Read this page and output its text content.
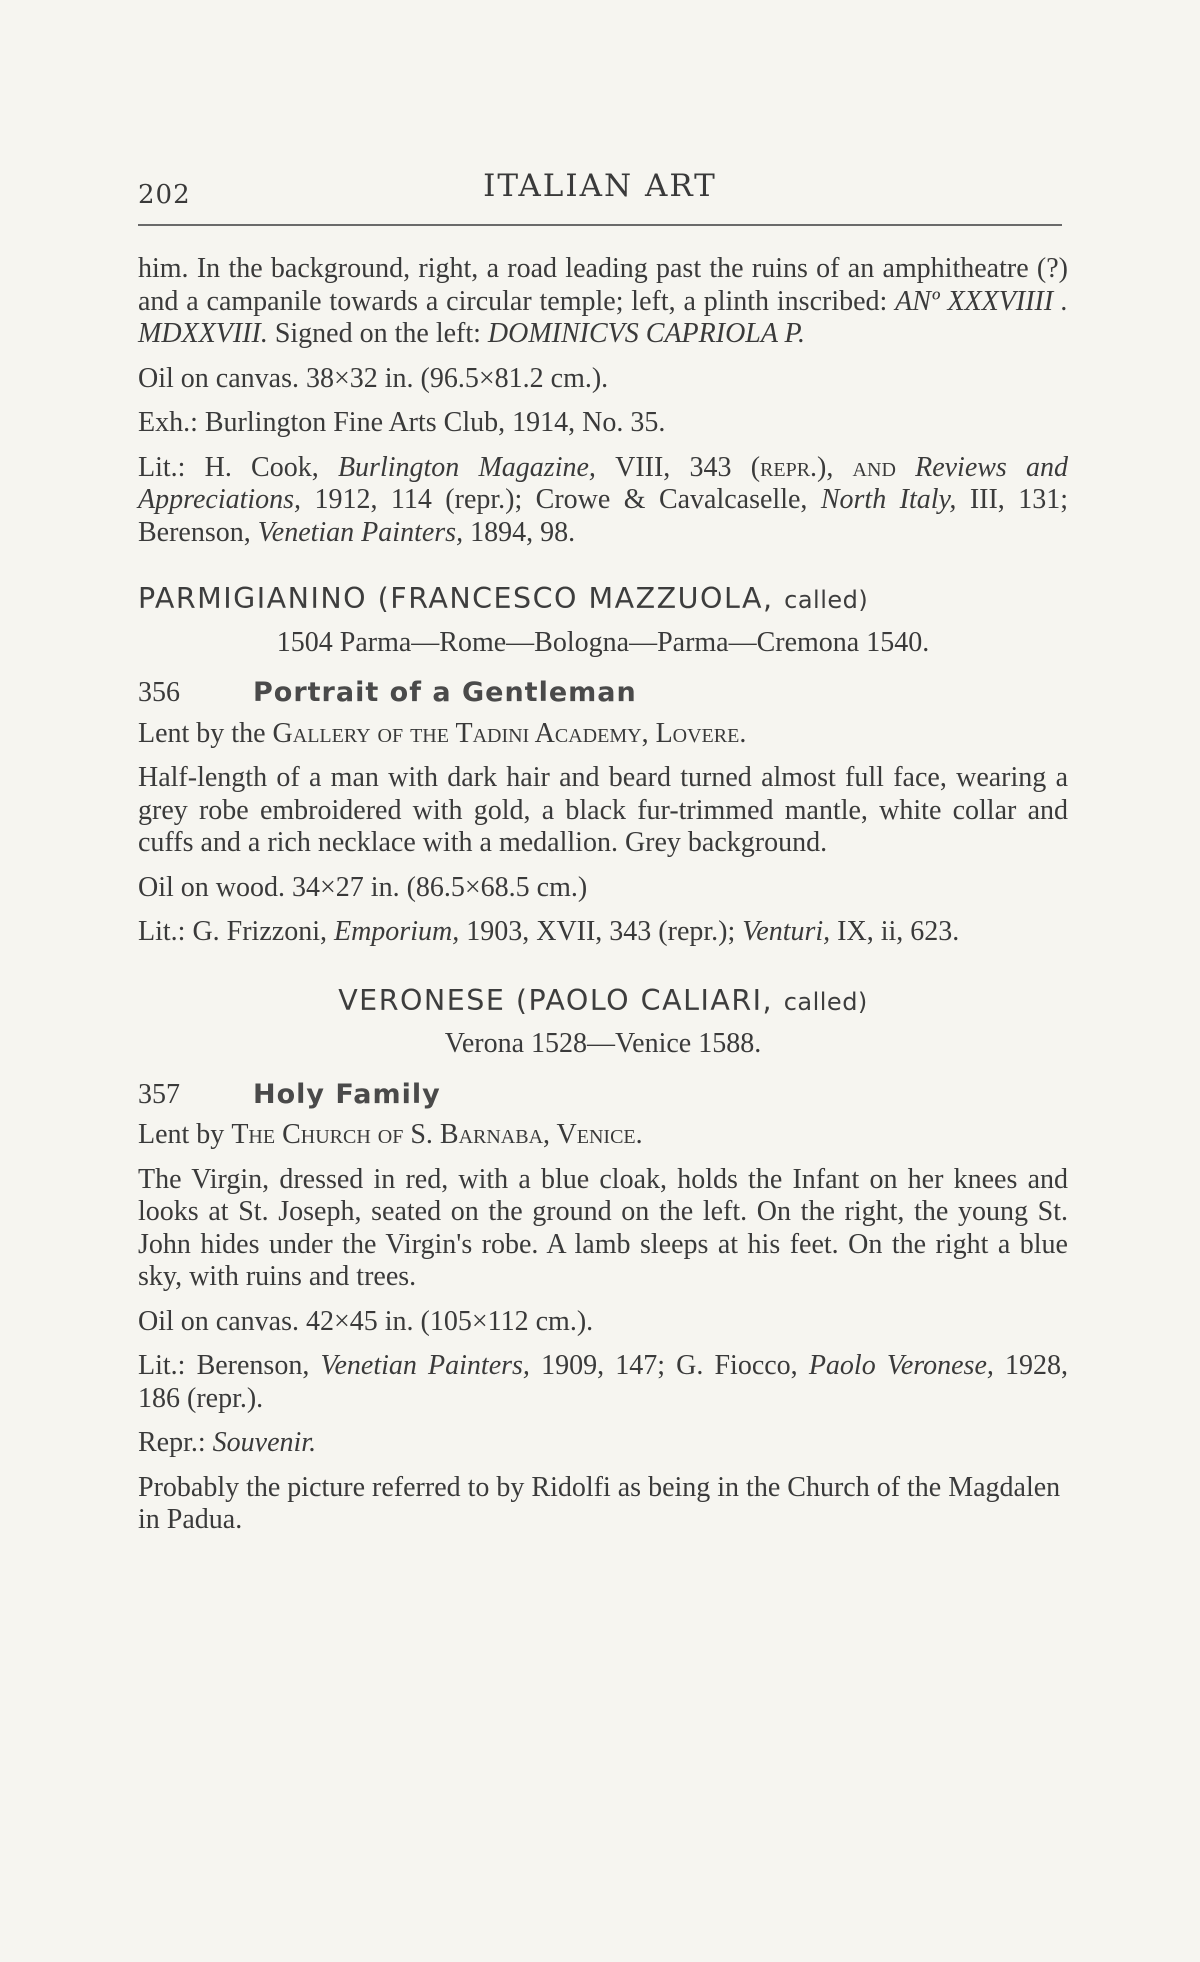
202	ITALIAN ART

him. In the background, right, a road leading past the ruins of an amphitheatre (?) and a campanile towards a circular temple; left, a plinth inscribed: ANº XXXVIIII . MDXXVIII. Signed on the left: DOMINICVS CAPRIOLA P.

Oil on canvas. 38×32 in. (96.5×81.2 cm.).

Exh.: Burlington Fine Arts Club, 1914, No. 35.

Lit.: H. Cook, Burlington Magazine, VIII, 343 (repr.), and Reviews and Appreciations, 1912, 114 (repr.); Crowe & Cavalcaselle, North Italy, III, 131; Berenson, Venetian Painters, 1894, 98.

PARMIGIANINO (FRANCESCO MAZZUOLA, called)
1504 Parma—Rome—Bologna—Parma—Cremona 1540.
356	Portrait of a Gentleman

Lent by the Gallery of the Tadini Academy, Lovere.

Half-length of a man with dark hair and beard turned almost full face, wearing a grey robe embroidered with gold, a black fur-trimmed mantle, white collar and cuffs and a rich necklace with a medallion. Grey background.

Oil on wood. 34×27 in. (86.5×68.5 cm.)

Lit.: G. Frizzoni, Emporium, 1903, XVII, 343 (repr.); Venturi, IX, ii, 623.

VERONESE (PAOLO CALIARI, called)
Verona 1528—Venice 1588.
357	Holy Family

Lent by The Church of S. Barnaba, Venice.

The Virgin, dressed in red, with a blue cloak, holds the Infant on her knees and looks at St. Joseph, seated on the ground on the left. On the right, the young St. John hides under the Virgin's robe. A lamb sleeps at his feet. On the right a blue sky, with ruins and trees.

Oil on canvas. 42×45 in. (105×112 cm.).

Lit.: Berenson, Venetian Painters, 1909, 147; G. Fiocco, Paolo Veronese, 1928, 186 (repr.).

Repr.: Souvenir.

Probably the picture referred to by Ridolfi as being in the Church of the Magdalen in Padua.
